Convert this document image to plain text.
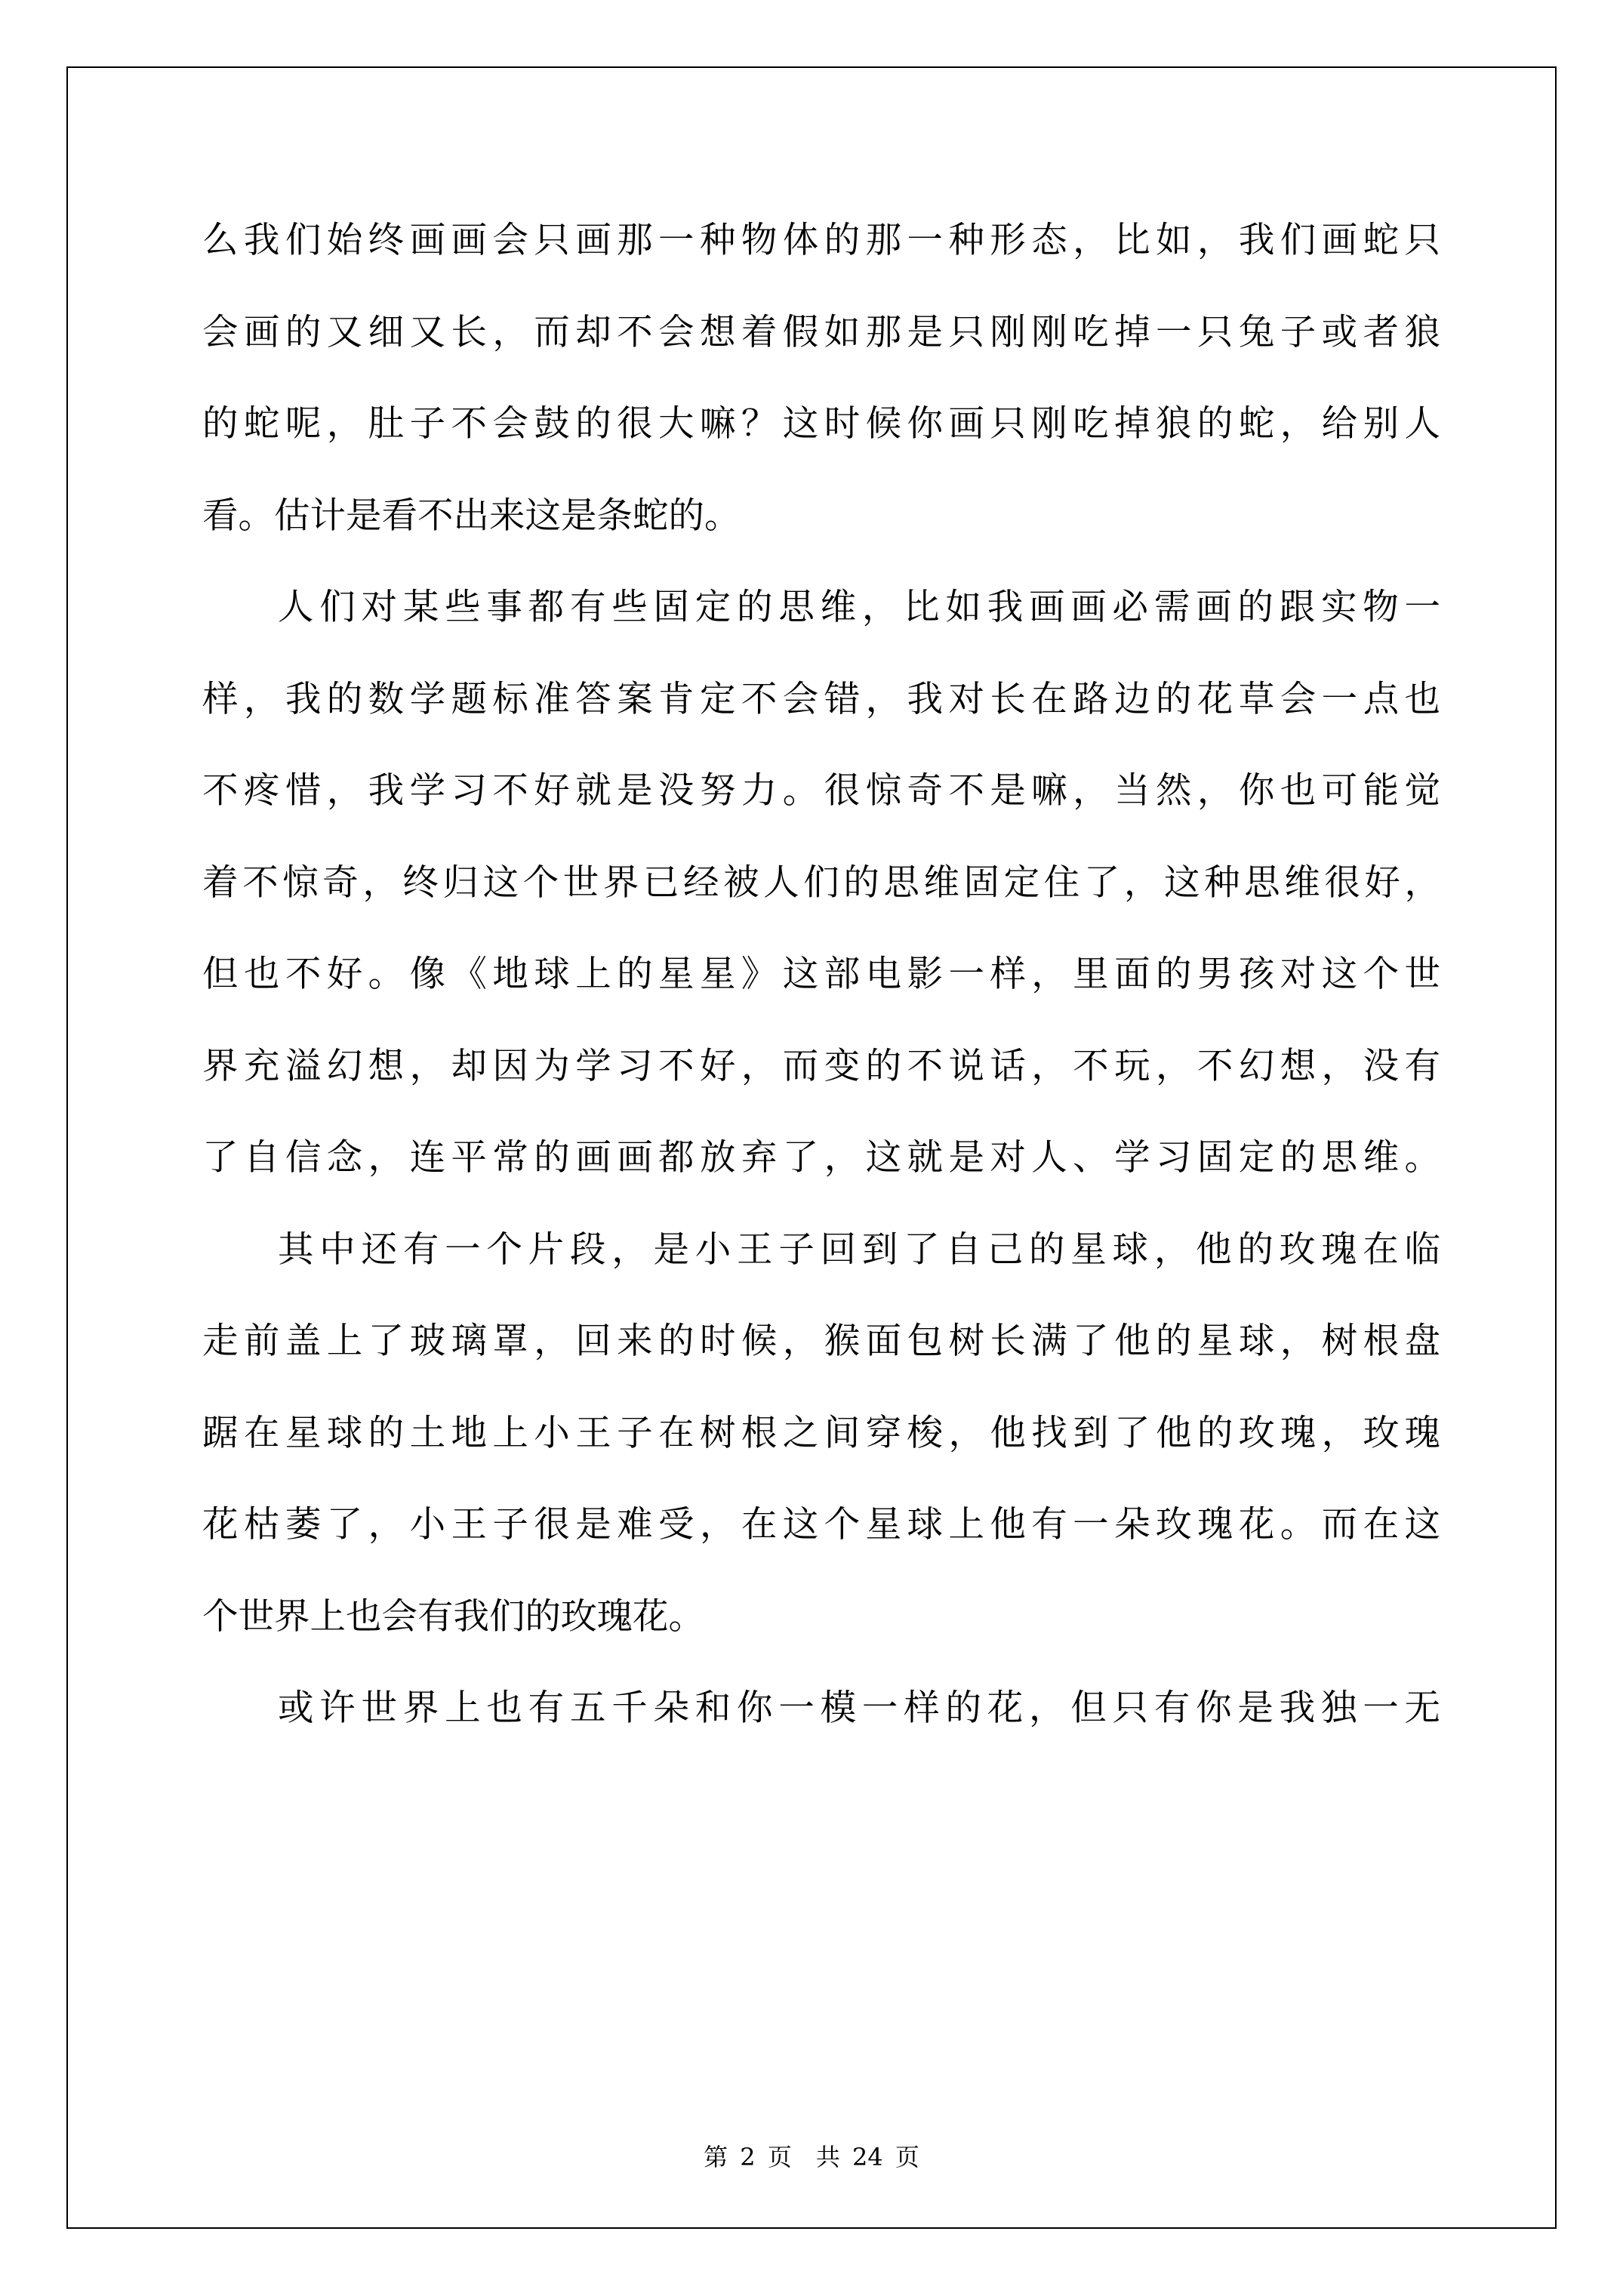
么我们始终画画会只画那一种物体的那一种形态，比如，我们画蛇只
会画的又细又长，而却不会想着假如那是只刚刚吃掉一只兔子或者狼
的蛇呢，肚子不会鼓的很大嘛？这时候你画只刚吃掉狼的蛇，给别人
看。估计是看不出来这是条蛇的。
人们对某些事都有些固定的思维，比如我画画必需画的跟实物一
样，我的数学题标准答案肯定不会错，我对长在路边的花草会一点也
不疼惜，我学习不好就是没努力。很惊奇不是嘛，当然，你也可能觉
着不惊奇，终归这个世界已经被人们的思维固定住了，这种思维很好，
但也不好。像《地球上的星星》这部电影一样，里面的男孩对这个世
界充溢幻想，却因为学习不好，而变的不说话，不玩，不幻想，没有
了自信念，连平常的画画都放弃了，这就是对人、学习固定的思维。
其中还有一个片段，是小王子回到了自己的星球，他的玫瑰在临
走前盖上了玻璃罩，回来的时候，猴面包树长满了他的星球，树根盘
踞在星球的土地上小王子在树根之间穿梭，他找到了他的玫瑰，玫瑰
花枯萎了，小王子很是难受，在这个星球上他有一朵玫瑰花。而在这
个世界上也会有我们的玫瑰花。
或许世界上也有五千朵和你一模一样的花，但只有你是我独一无
第 2 页　共 24 页
